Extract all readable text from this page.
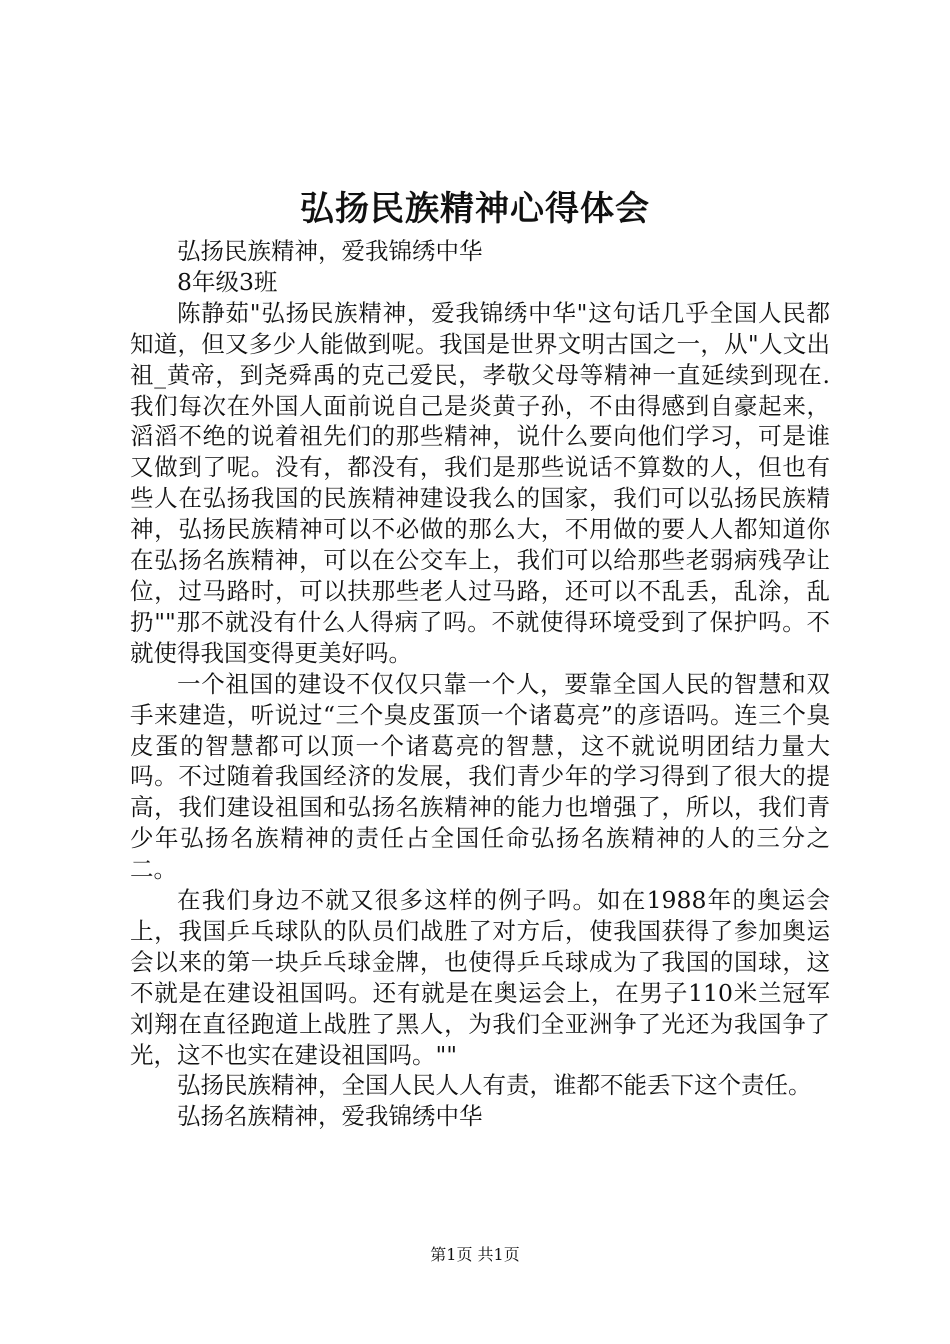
弘扬民族精神心得体会

弘扬民族精神，爱我锦绣中华

8年级3班

陈静茹"弘扬民族精神，爱我锦绣中华"这句话几乎全国人民都知道，但又多少人能做到呢。我国是世界文明古国之一，从"人文出祖_黄帝，到尧舜禹的克己爱民，孝敬父母等精神一直延续到现在.我们每次在外国人面前说自己是炎黄子孙，不由得感到自豪起来，滔滔不绝的说着祖先们的那些精神，说什么要向他们学习，可是谁又做到了呢。没有，都没有，我们是那些说话不算数的人，但也有些人在弘扬我国的民族精神建设我么的国家，我们可以弘扬民族精神，弘扬民族精神可以不必做的那么大，不用做的要人人都知道你在弘扬名族精神，可以在公交车上，我们可以给那些老弱病残孕让位，过马路时，可以扶那些老人过马路，还可以不乱丢，乱涂，乱扔""那不就没有什么人得病了吗。不就使得环境受到了保护吗。不就使得我国变得更美好吗。

一个祖国的建设不仅仅只靠一个人，要靠全国人民的智慧和双手来建造，听说过“三个臭皮蛋顶一个诸葛亮”的彦语吗。连三个臭皮蛋的智慧都可以顶一个诸葛亮的智慧，这不就说明团结力量大吗。不过随着我国经济的发展，我们青少年的学习得到了很大的提高，我们建设祖国和弘扬名族精神的能力也增强了，所以，我们青少年弘扬名族精神的责任占全国任命弘扬名族精神的人的三分之二。

在我们身边不就又很多这样的例子吗。如在1988年的奥运会上，我国乒乓球队的队员们战胜了对方后，使我国获得了参加奥运会以来的第一块乒乓球金牌，也使得乒乓球成为了我国的国球，这不就是在建设祖国吗。还有就是在奥运会上，在男子110米兰冠军刘翔在直径跑道上战胜了黑人，为我们全亚洲争了光还为我国争了光，这不也实在建设祖国吗。""

弘扬民族精神，全国人民人人有责，谁都不能丢下这个责任。

弘扬名族精神，爱我锦绣中华

第1页 共1页
